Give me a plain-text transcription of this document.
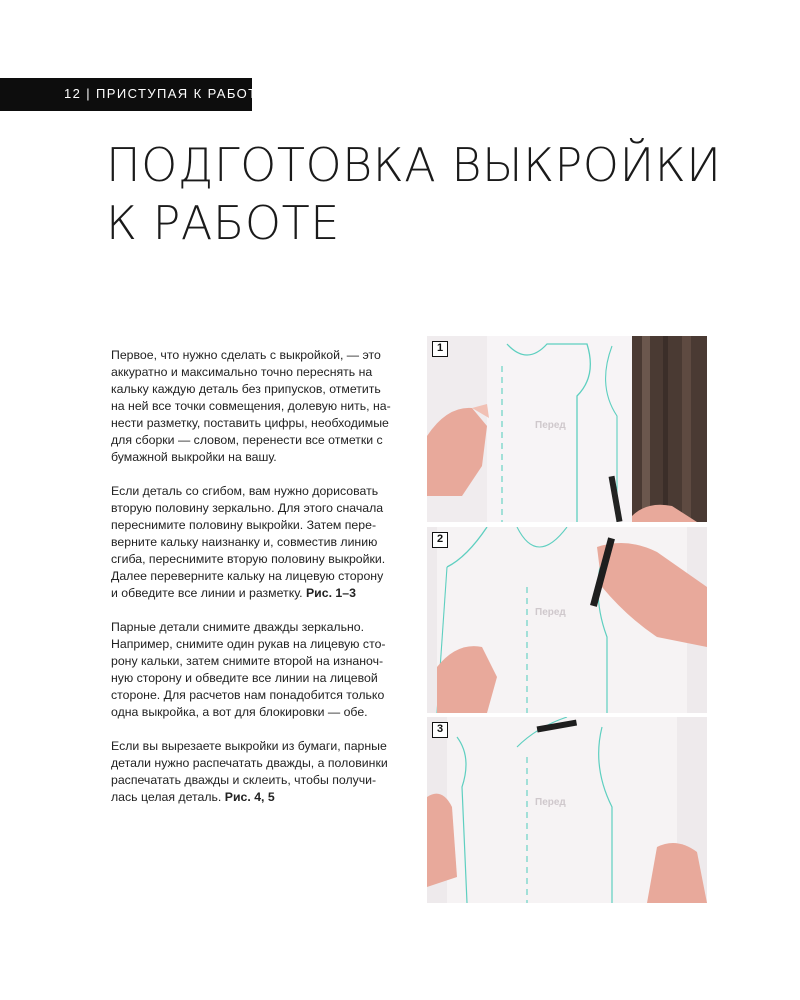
12 | ПРИСТУПАЯ К РАБОТЕ
ПОДГОТОВКА ВЫКРОЙКИ
К РАБОТЕ

Первое, что нужно сделать с выкройкой, — это
аккуратно и максимально точно переснять на
кальку каждую деталь без припусков, отметить
на ней все точки совмещения, долевую нить, на-
нести разметку, поставить цифры, необходимые
для сборки — словом, перенести все отметки с
бумажной выкройки на вашу.

Если деталь со сгибом, вам нужно дорисовать
вторую половину зеркально. Для этого сначала
переснимите половину выкройки. Затем пере-
верните кальку наизнанку и, совместив линию
сгиба, переснимите вторую половину выкройки.
Далее переверните кальку на лицевую сторону
и обведите все линии и разметку. Рис. 1–3

Парные детали снимите дважды зеркально.
Например, снимите один рукав на лицевую сто-
рону кальки, затем снимите второй на изнаноч-
ную сторону и обведите все линии на лицевой
стороне. Для расчетов нам понадобится только
одна выкройка, а вот для блокировки — обе.

Если вы вырезаете выкройки из бумаги, парные
детали нужно распечатать дважды, а половинки
распечатать дважды и склеить, чтобы получи-
лась целая деталь. Рис. 4, 5

1
Перед
2
Перед
3
Перед
